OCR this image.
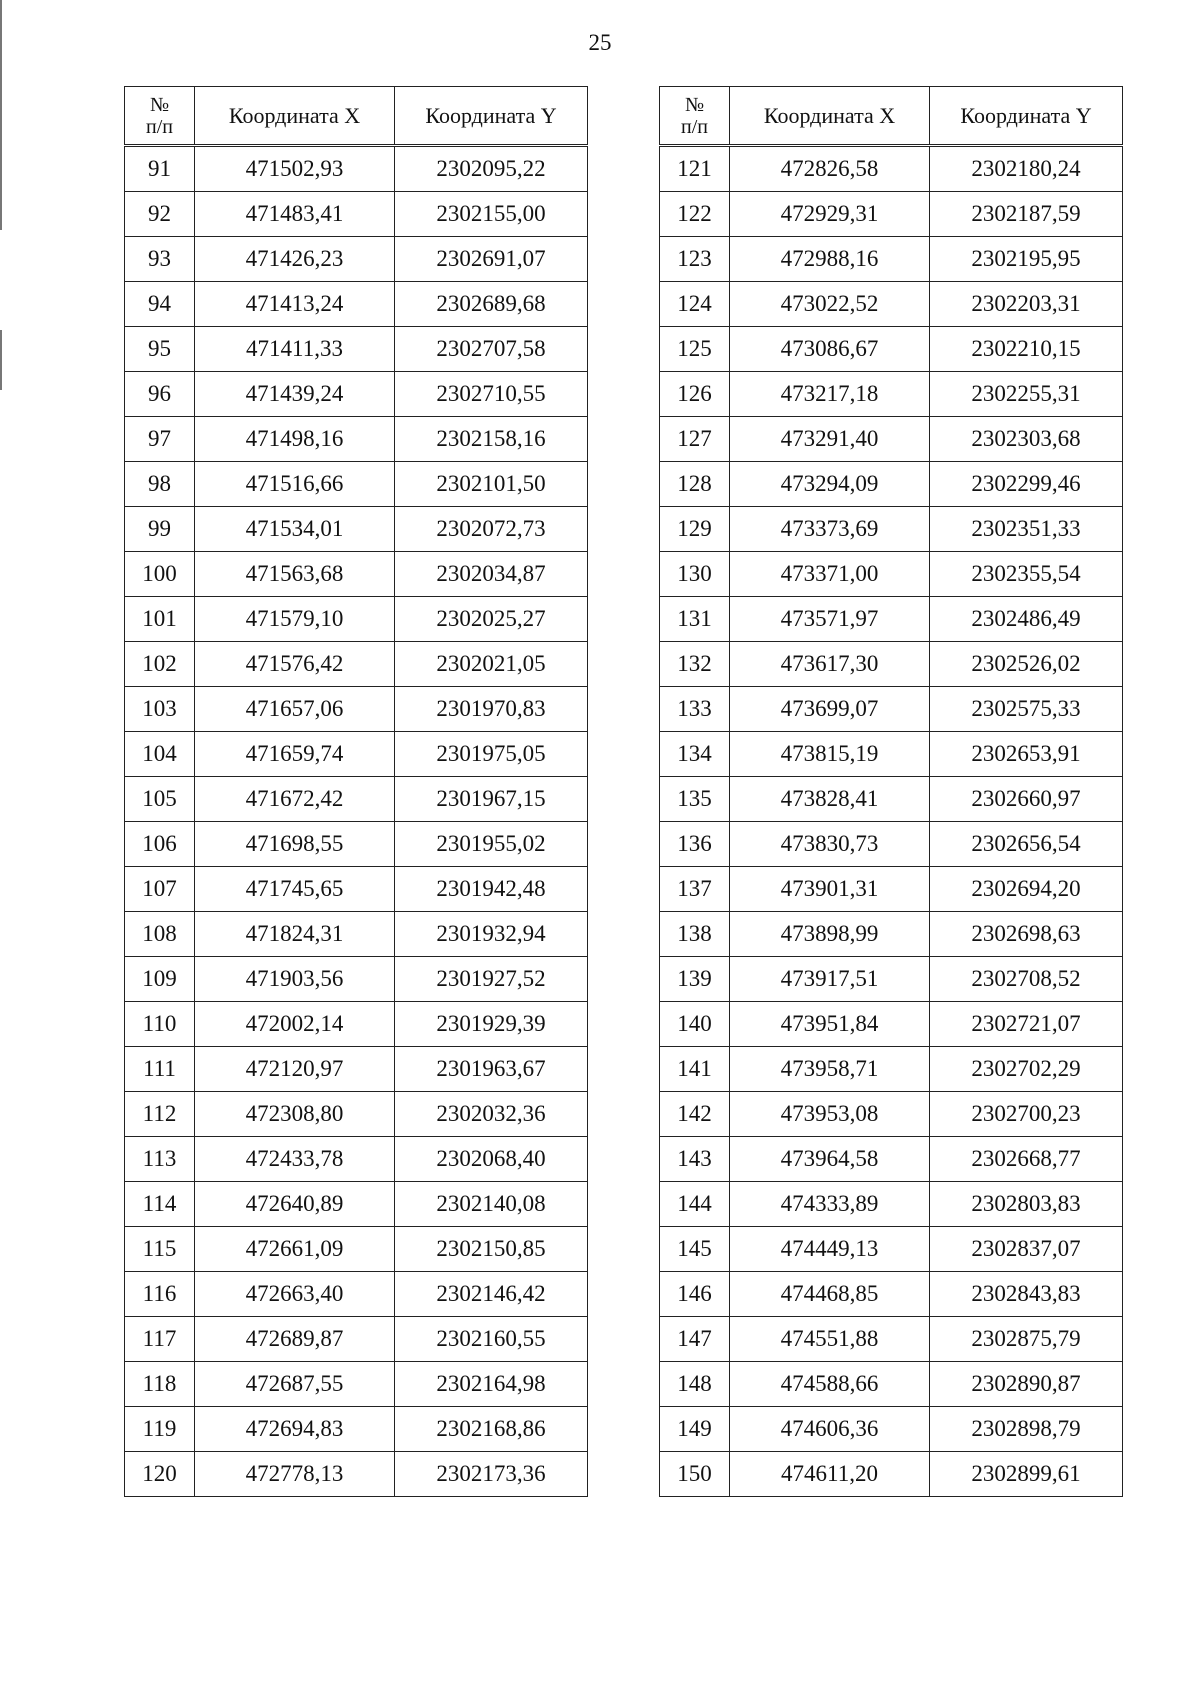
25
№
п/п	Координата X	Координата Y
91	471502,93	2302095,22
92	471483,41	2302155,00
93	471426,23	2302691,07
94	471413,24	2302689,68
95	471411,33	2302707,58
96	471439,24	2302710,55
97	471498,16	2302158,16
98	471516,66	2302101,50
99	471534,01	2302072,73
100	471563,68	2302034,87
101	471579,10	2302025,27
102	471576,42	2302021,05
103	471657,06	2301970,83
104	471659,74	2301975,05
105	471672,42	2301967,15
106	471698,55	2301955,02
107	471745,65	2301942,48
108	471824,31	2301932,94
109	471903,56	2301927,52
110	472002,14	2301929,39
111	472120,97	2301963,67
112	472308,80	2302032,36
113	472433,78	2302068,40
114	472640,89	2302140,08
115	472661,09	2302150,85
116	472663,40	2302146,42
117	472689,87	2302160,55
118	472687,55	2302164,98
119	472694,83	2302168,86
120	472778,13	2302173,36
№
п/п	Координата X	Координата Y
121	472826,58	2302180,24
122	472929,31	2302187,59
123	472988,16	2302195,95
124	473022,52	2302203,31
125	473086,67	2302210,15
126	473217,18	2302255,31
127	473291,40	2302303,68
128	473294,09	2302299,46
129	473373,69	2302351,33
130	473371,00	2302355,54
131	473571,97	2302486,49
132	473617,30	2302526,02
133	473699,07	2302575,33
134	473815,19	2302653,91
135	473828,41	2302660,97
136	473830,73	2302656,54
137	473901,31	2302694,20
138	473898,99	2302698,63
139	473917,51	2302708,52
140	473951,84	2302721,07
141	473958,71	2302702,29
142	473953,08	2302700,23
143	473964,58	2302668,77
144	474333,89	2302803,83
145	474449,13	2302837,07
146	474468,85	2302843,83
147	474551,88	2302875,79
148	474588,66	2302890,87
149	474606,36	2302898,79
150	474611,20	2302899,61
